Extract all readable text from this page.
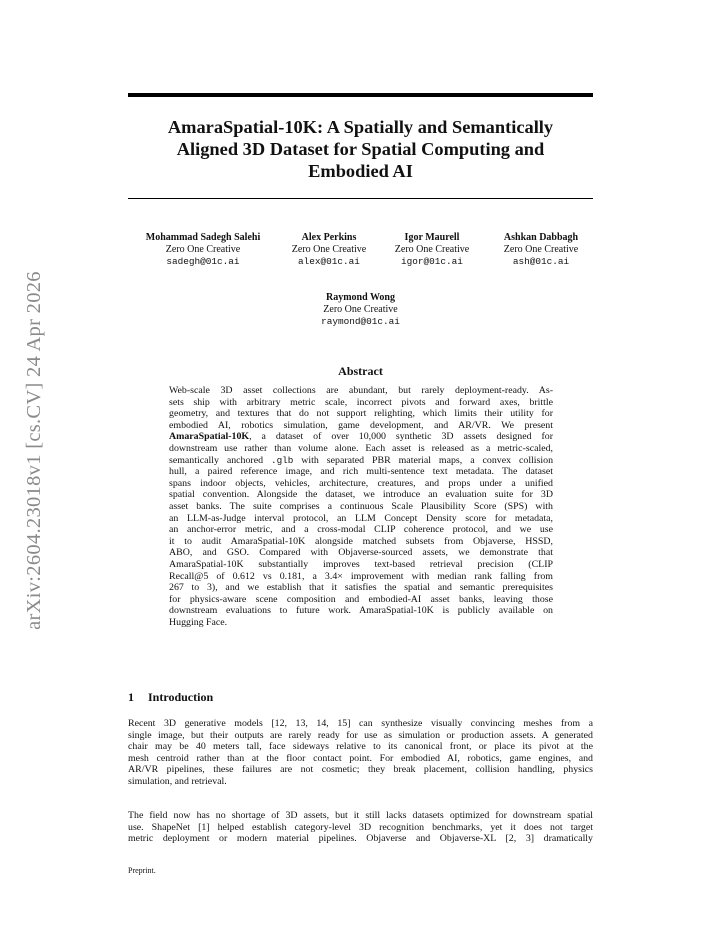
arXiv:2604.23018v1 [cs.CV] 24 Apr 2026
AmaraSpatial-10K: A Spatially and Semantically
Aligned 3D Dataset for Spatial Computing and
Embodied AI
Mohammad Sadegh Salehi
Zero One Creative
sadegh@01c.ai
Alex Perkins
Zero One Creative
alex@01c.ai
Igor Maurell
Zero One Creative
igor@01c.ai
Ashkan Dabbagh
Zero One Creative
ash@01c.ai
Raymond Wong
Zero One Creative
raymond@01c.ai
Abstract
Web-scale 3D asset collections are abundant, but rarely deployment-ready. As-
sets ship with arbitrary metric scale, incorrect pivots and forward axes, brittle
geometry, and textures that do not support relighting, which limits their utility for
embodied AI, robotics simulation, game development, and AR/VR. We present
AmaraSpatial-10K, a dataset of over 10,000 synthetic 3D assets designed for
downstream use rather than volume alone. Each asset is released as a metric-scaled,
semantically anchored .glb with separated PBR material maps, a convex collision
hull, a paired reference image, and rich multi-sentence text metadata. The dataset
spans indoor objects, vehicles, architecture, creatures, and props under a unified
spatial convention. Alongside the dataset, we introduce an evaluation suite for 3D
asset banks. The suite comprises a continuous Scale Plausibility Score (SPS) with
an LLM-as-Judge interval protocol, an LLM Concept Density score for metadata,
an anchor-error metric, and a cross-modal CLIP coherence protocol, and we use
it to audit AmaraSpatial-10K alongside matched subsets from Objaverse, HSSD,
ABO, and GSO. Compared with Objaverse-sourced assets, we demonstrate that
AmaraSpatial-10K substantially improves text-based retrieval precision (CLIP
Recall@5 of 0.612 vs 0.181, a 3.4× improvement with median rank falling from
267 to 3), and we establish that it satisfies the spatial and semantic prerequisites
for physics-aware scene composition and embodied-AI asset banks, leaving those
downstream evaluations to future work. AmaraSpatial-10K is publicly available on
Hugging Face.
1 Introduction
Recent 3D generative models [12, 13, 14, 15] can synthesize visually convincing meshes from a
single image, but their outputs are rarely ready for use as simulation or production assets. A generated
chair may be 40 meters tall, face sideways relative to its canonical front, or place its pivot at the
mesh centroid rather than at the floor contact point. For embodied AI, robotics, game engines, and
AR/VR pipelines, these failures are not cosmetic; they break placement, collision handling, physics
simulation, and retrieval.
The field now has no shortage of 3D assets, but it still lacks datasets optimized for downstream spatial
use. ShapeNet [1] helped establish category-level 3D recognition benchmarks, yet it does not target
metric deployment or modern material pipelines. Objaverse and Objaverse-XL [2, 3] dramatically
Preprint.
